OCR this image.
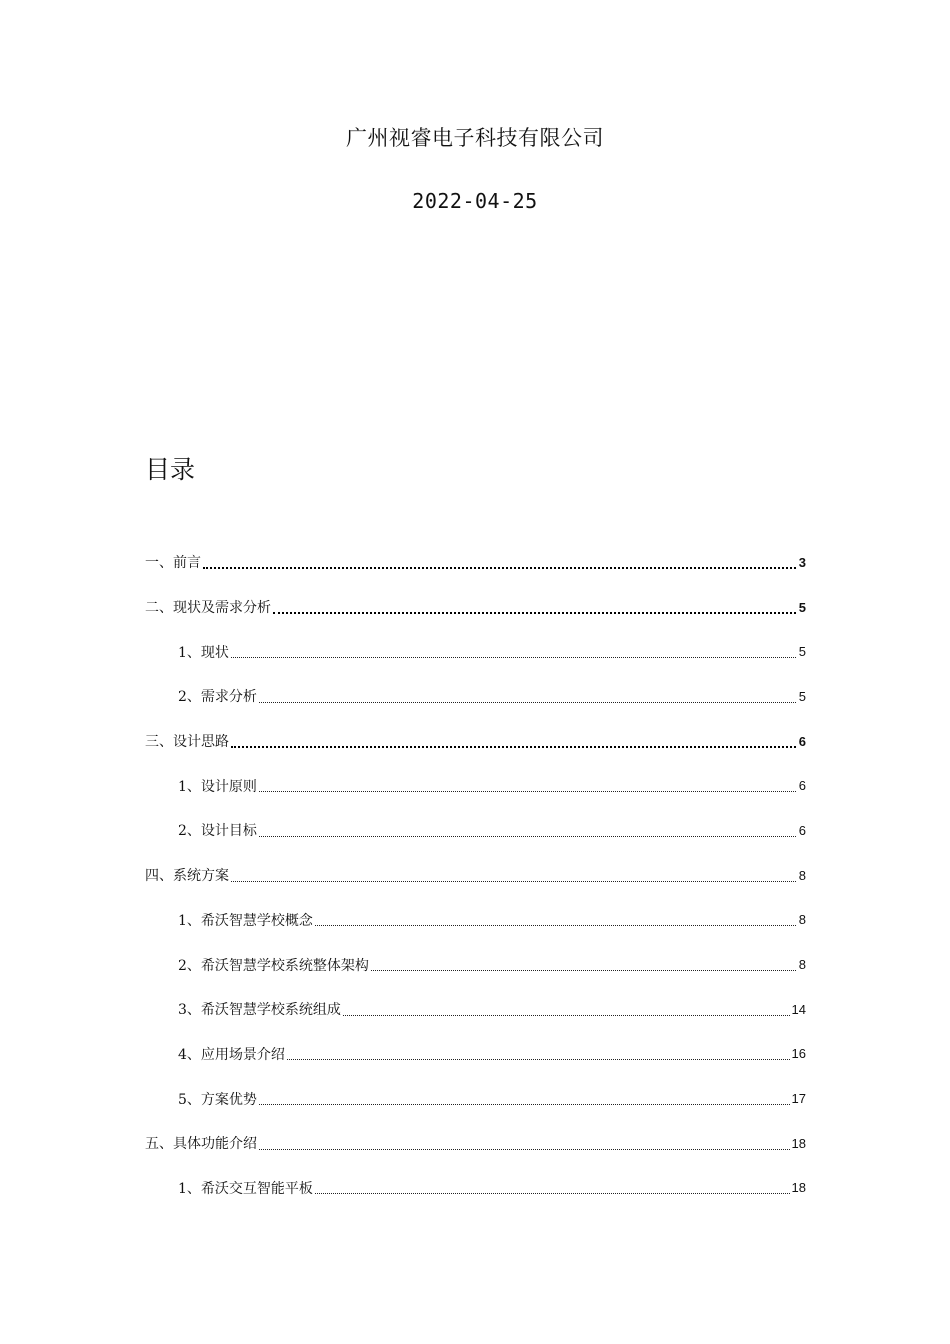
广州视睿电子科技有限公司
2022-04-25
目录
一、前言	3
二、现状及需求分析	5
1、现状	5
2、需求分析	5
三、设计思路	6
1、设计原则	6
2、设计目标	6
四、系统方案	8
1、希沃智慧学校概念	8
2、希沃智慧学校系统整体架构	8
3、希沃智慧学校系统组成	14
4、应用场景介绍	16
5、方案优势	17
五、具体功能介绍	18
1、希沃交互智能平板	18
